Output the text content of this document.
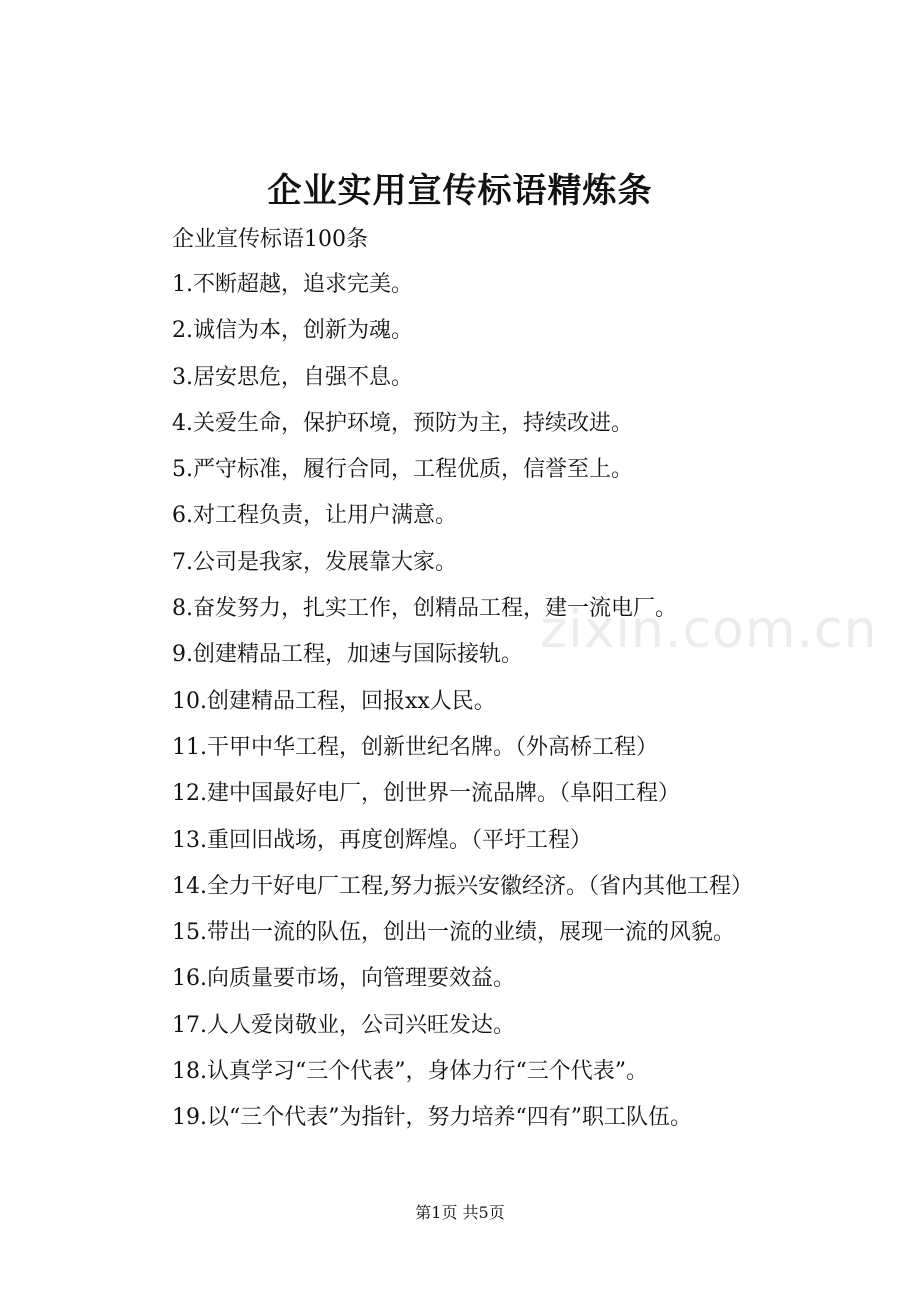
企业实用宣传标语精炼条
企业宣传标语100条
1.不断超越，追求完美。
2.诚信为本，创新为魂。
3.居安思危，自强不息。
4.关爱生命，保护环境，预防为主，持续改进。
5.严守标准，履行合同，工程优质，信誉至上。
6.对工程负责，让用户满意。
7.公司是我家，发展靠大家。
8.奋发努力，扎实工作，创精品工程，建一流电厂。
9.创建精品工程，加速与国际接轨。
10.创建精品工程，回报xx人民。
11.干甲中华工程，创新世纪名牌。（外高桥工程）
12.建中国最好电厂，创世界一流品牌。（阜阳工程）
13.重回旧战场，再度创辉煌。（平圩工程）
14.全力干好电厂工程,努力振兴安徽经济。（省内其他工程）
15.带出一流的队伍，创出一流的业绩，展现一流的风貌。
16.向质量要市场，向管理要效益。
17.人人爱岗敬业，公司兴旺发达。
18.认真学习“三个代表”，身体力行“三个代表”。
19.以“三个代表”为指针，努力培养“四有”职工队伍。
zixin.com.cn
第1页 共5页
